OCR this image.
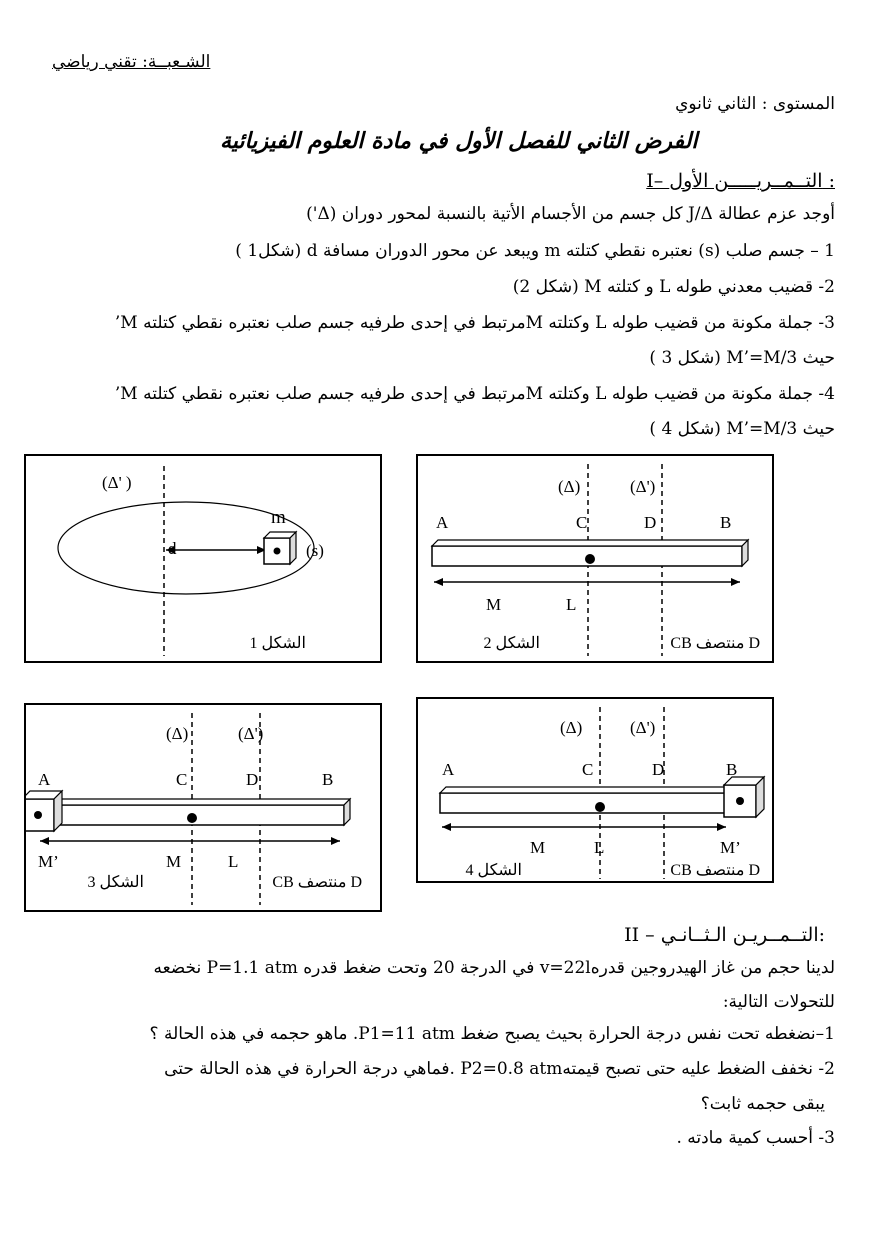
الشـعبــة: تقني رياضي
المستوى : الثاني ثانوي
الفرض الثاني للفصل الأول في مادة العلوم الفيزيائية
I– التــمــريـــــن الأول :
أوجد عزم عطالة J/Δ كل جسم من الأجسام الأتية بالنسبة لمحور دوران (Δ')
1 – جسم صلب (s) نعتبره نقطي كتلته m ويبعد عن محور الدوران مسافة d (شكل1 )
2- قضيب معدني طوله L و كتلته M (شكل 2)
3- جملة مكونة من قضيب طوله L وكتلته Mمرتبط في إحدى طرفيه جسم صلب نعتبره نقطي كتلته M’
حيث M’=M/3 (شكل 3 )
4- جملة مكونة من قضيب طوله L وكتلته Mمرتبط في إحدى طرفيه جسم صلب نعتبره نقطي كتلته M’
حيث M’=M/3 (شكل 4 )
(Δ' )
m
(s)
d
الشكل 1
(Δ)	(Δ')
A	C	D	B
M	L
الشكل 2	D منتصف CB
(Δ)	(Δ')
A	C	D	B
M’	M	L
الشكل 3	D منتصف CB
(Δ)	(Δ')
A	C	D	B
M	L	M’
الشكل 4	D منتصف CB
II – التــمــريـن الـثــانـي:
لدينا حجم من غاز الهيدروجين قدرهv=22l في الدرجة 20 وتحت ضغط قدره P=1.1 atm نخضعه
للتحولات التالية:
1–نضغطه تحت نفس درجة الحرارة بحيث يصبح ضغط P1=11 atm. ماهو حجمه في هذه الحالة ؟
2- نخفف الضغط عليه حتى تصبح قيمتهP2=0.8 atm .فماهي درجة الحرارة في هذه الحالة حتى
يبقى حجمه ثابت؟
3- أحسب كمية مادته .
